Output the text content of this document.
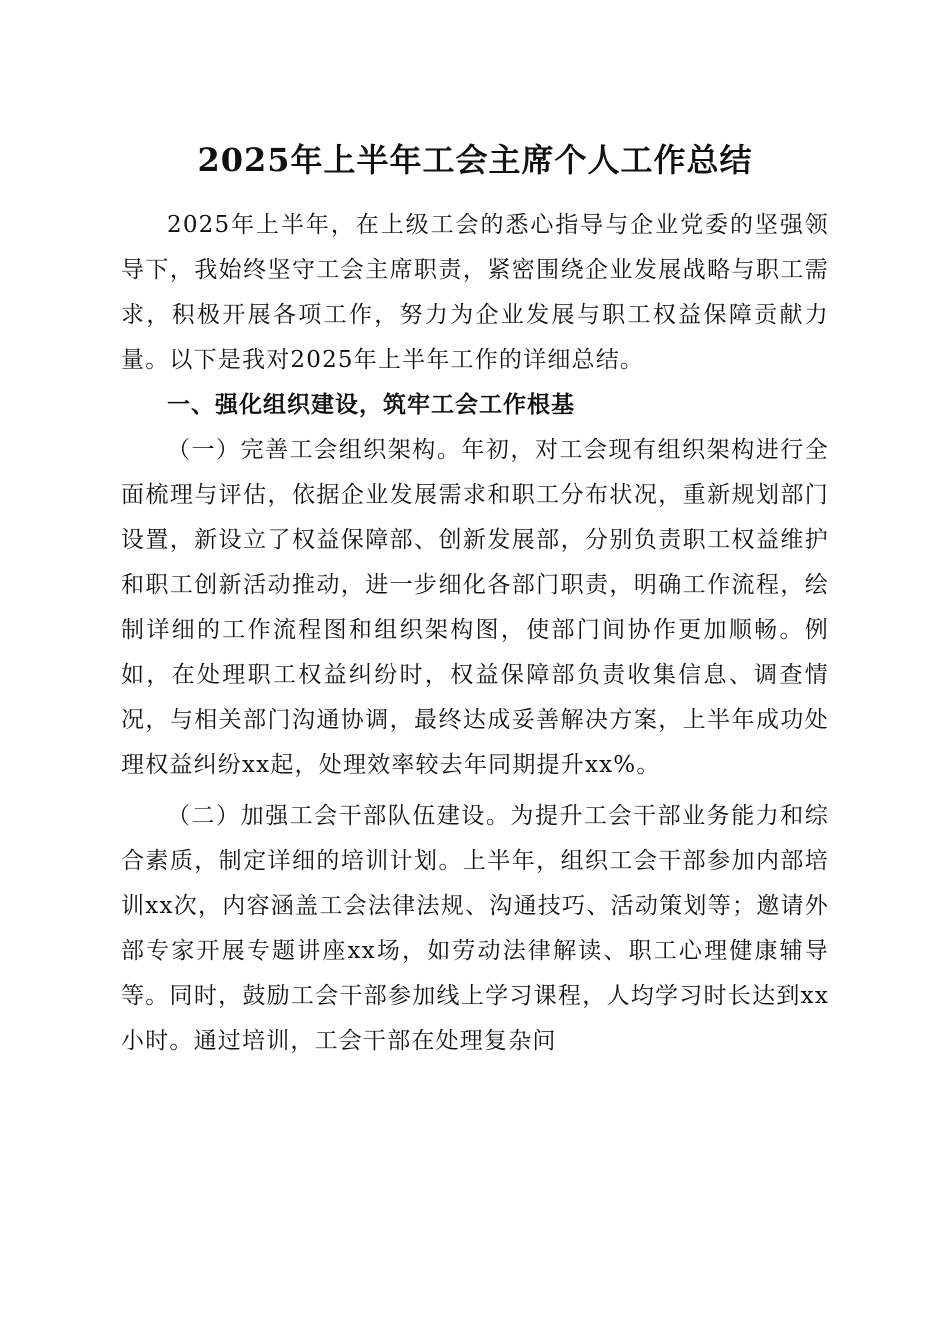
2025年上半年工会主席个人工作总结

2025年上半年，在上级工会的悉心指导与企业党委的坚强领导下，我始终坚守工会主席职责，紧密围绕企业发展战略与职工需求，积极开展各项工作，努力为企业发展与职工权益保障贡献力量。以下是我对2025年上半年工作的详细总结。

一、强化组织建设，筑牢工会工作根基

（一）完善工会组织架构。年初，对工会现有组织架构进行全面梳理与评估，依据企业发展需求和职工分布状况，重新规划部门设置，新设立了权益保障部、创新发展部，分别负责职工权益维护和职工创新活动推动，进一步细化各部门职责，明确工作流程，绘制详细的工作流程图和组织架构图，使部门间协作更加顺畅。例如，在处理职工权益纠纷时，权益保障部负责收集信息、调查情况，与相关部门沟通协调，最终达成妥善解决方案，上半年成功处理权益纠纷xx起，处理效率较去年同期提升xx%。

（二）加强工会干部队伍建设。为提升工会干部业务能力和综合素质，制定详细的培训计划。上半年，组织工会干部参加内部培训xx次，内容涵盖工会法律法规、沟通技巧、活动策划等；邀请外部专家开展专题讲座xx场，如劳动法律解读、职工心理健康辅导等。同时，鼓励工会干部参加线上学习课程，人均学习时长达到xx小时。通过培训，工会干部在处理复杂问
